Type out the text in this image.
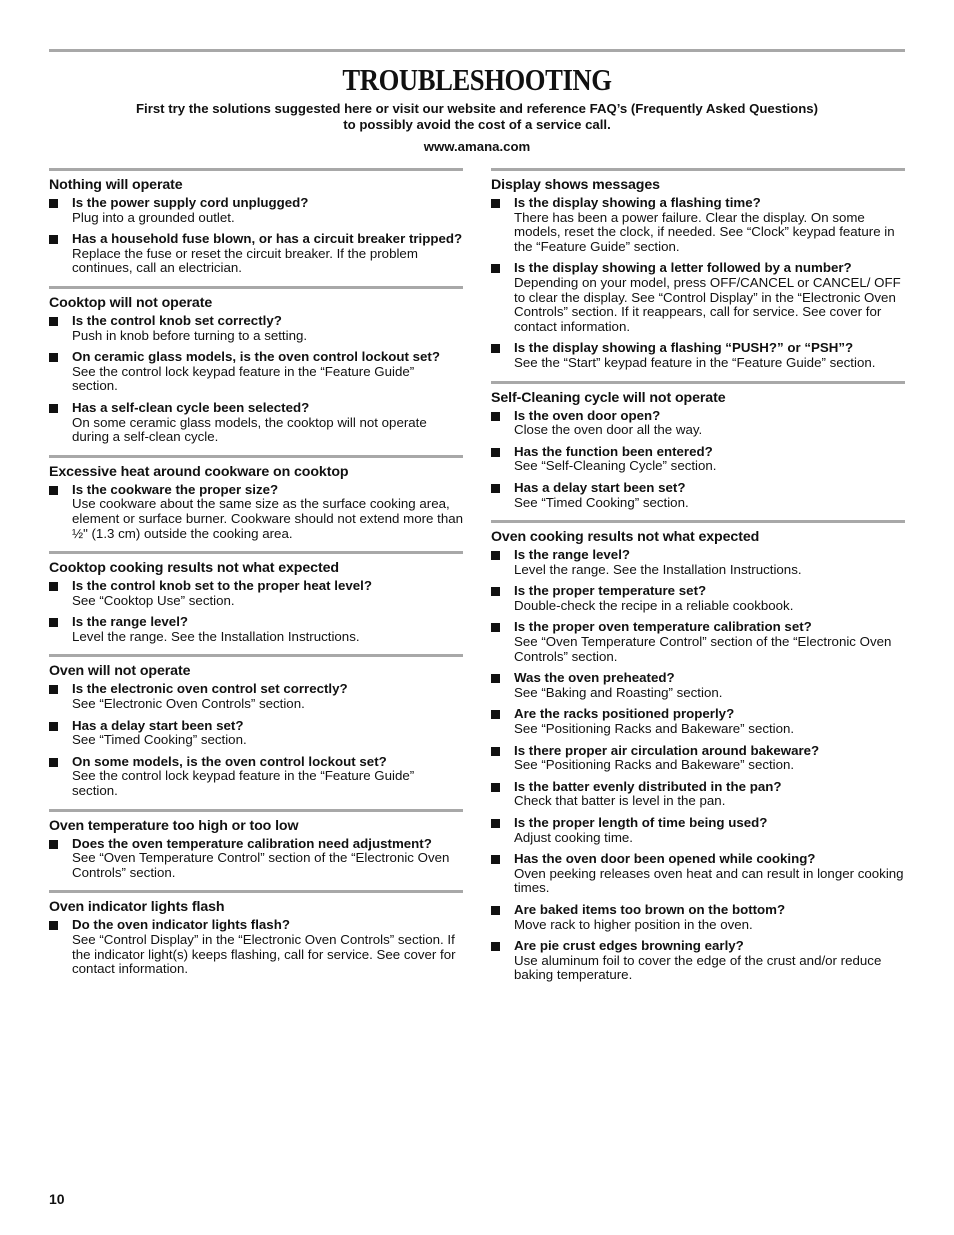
TROUBLESHOOTING

First try the solutions suggested here or visit our website and reference FAQ’s (Frequently Asked Questions)

to possibly avoid the cost of a service call.

www.amana.com

Nothing will operate
Is the power supply cord unplugged?
Plug into a grounded outlet.
Has a household fuse blown, or has a circuit breaker tripped?
Replace the fuse or reset the circuit breaker. If the problem continues, call an electrician.
Cooktop will not operate
Is the control knob set correctly?
Push in knob before turning to a setting.
On ceramic glass models, is the oven control lockout set?
See the control lock keypad feature in the “Feature Guide” section.
Has a self-clean cycle been selected?
On some ceramic glass models, the cooktop will not operate during a self-clean cycle.
Excessive heat around cookware on cooktop
Is the cookware the proper size?
Use cookware about the same size as the surface cooking area, element or surface burner. Cookware should not extend more than ½" (1.3 cm) outside the cooking area.
Cooktop cooking results not what expected
Is the control knob set to the proper heat level?
See “Cooktop Use” section.
Is the range level?
Level the range. See the Installation Instructions.
Oven will not operate
Is the electronic oven control set correctly?
See “Electronic Oven Controls” section.
Has a delay start been set?
See “Timed Cooking” section.
On some models, is the oven control lockout set?
See the control lock keypad feature in the “Feature Guide” section.
Oven temperature too high or too low
Does the oven temperature calibration need adjustment?
See “Oven Temperature Control” section of the “Electronic Oven Controls” section.
Oven indicator lights flash
Do the oven indicator lights flash?
See “Control Display” in the “Electronic Oven Controls” section. If the indicator light(s) keeps flashing, call for service. See cover for contact information.
Display shows messages
Is the display showing a flashing time?
There has been a power failure. Clear the display. On some models, reset the clock, if needed. See “Clock” keypad feature in the “Feature Guide” section.
Is the display showing a letter followed by a number?
Depending on your model, press OFF/CANCEL or CANCEL/ OFF to clear the display. See “Control Display” in the “Electronic Oven Controls” section. If it reappears, call for service. See cover for contact information.
Is the display showing a flashing “PUSH?” or “PSH”?
See the “Start” keypad feature in the “Feature Guide” section.
Self-Cleaning cycle will not operate
Is the oven door open?
Close the oven door all the way.
Has the function been entered?
See “Self-Cleaning Cycle” section.
Has a delay start been set?
See “Timed Cooking” section.
Oven cooking results not what expected
Is the range level?
Level the range. See the Installation Instructions.
Is the proper temperature set?
Double-check the recipe in a reliable cookbook.
Is the proper oven temperature calibration set?
See “Oven Temperature Control” section of the “Electronic Oven Controls” section.
Was the oven preheated?
See “Baking and Roasting” section.
Are the racks positioned properly?
See “Positioning Racks and Bakeware” section.
Is there proper air circulation around bakeware?
See “Positioning Racks and Bakeware” section.
Is the batter evenly distributed in the pan?
Check that batter is level in the pan.
Is the proper length of time being used?
Adjust cooking time.
Has the oven door been opened while cooking?
Oven peeking releases oven heat and can result in longer cooking times.
Are baked items too brown on the bottom?
Move rack to higher position in the oven.
Are pie crust edges browning early?
Use aluminum foil to cover the edge of the crust and/or reduce baking temperature.
10
